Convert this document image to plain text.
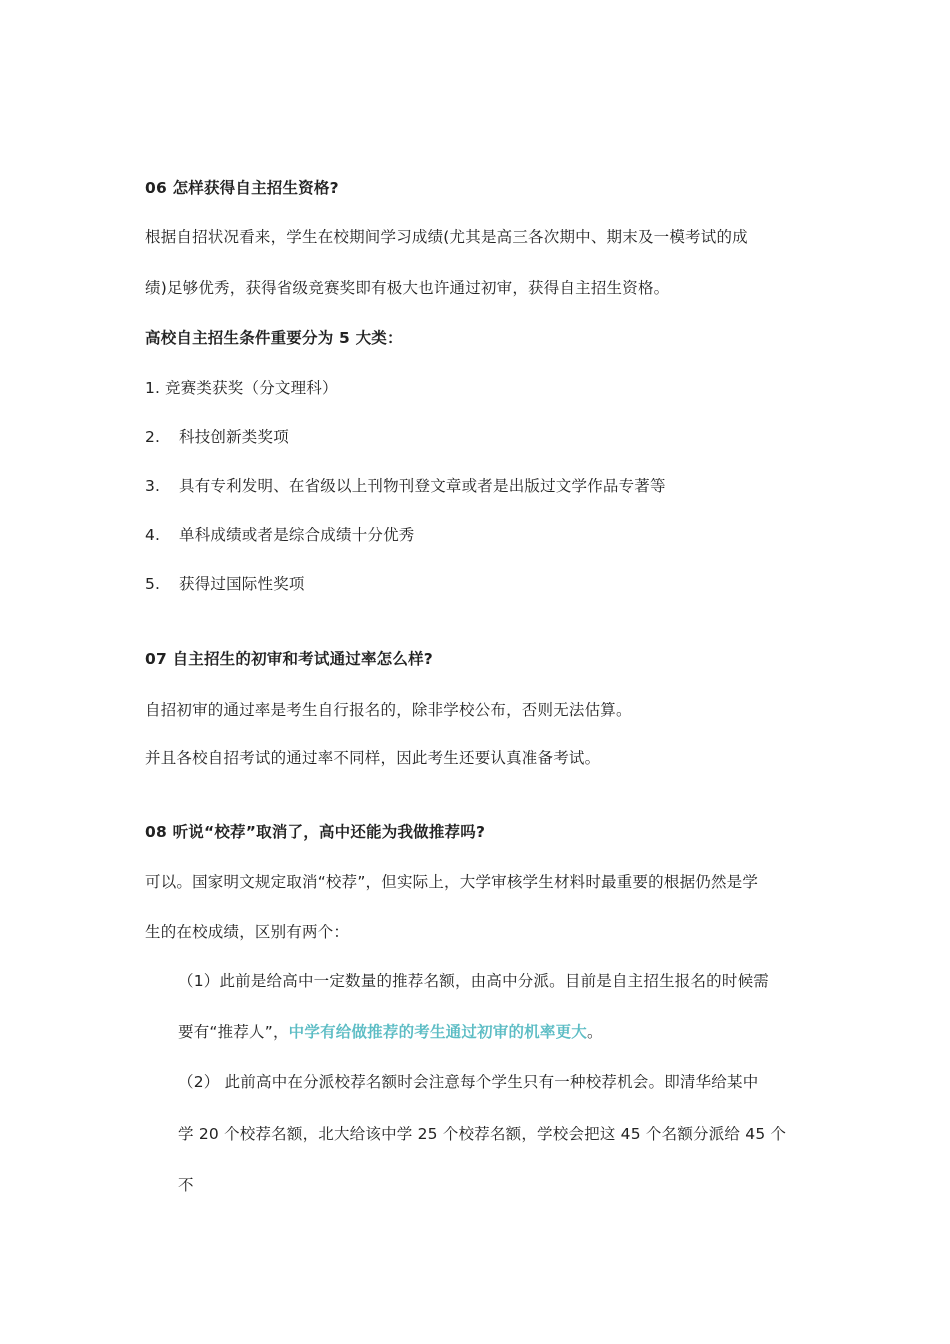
06 怎样获得自主招生资格?
根据自招状况看来，学生在校期间学习成绩(尤其是高三各次期中、期末及一模考试的成
绩)足够优秀，获得省级竞赛奖即有极大也许通过初审，获得自主招生资格。
高校自主招生条件重要分为 5 大类：
1. 竞赛类获奖（分文理科）
2. 科技创新类奖项
3. 具有专利发明、在省级以上刊物刊登文章或者是出版过文学作品专著等
4. 单科成绩或者是综合成绩十分优秀
5. 获得过国际性奖项
07 自主招生的初审和考试通过率怎么样?
自招初审的通过率是考生自行报名的，除非学校公布，否则无法估算。
并且各校自招考试的通过率不同样，因此考生还要认真准备考试。
08 听说“校荐”取消了，高中还能为我做推荐吗?
可以。国家明文规定取消“校荐”，但实际上，大学审核学生材料时最重要的根据仍然是学
生的在校成绩，区别有两个：
（1）此前是给高中一定数量的推荐名额，由高中分派。目前是自主招生报名的时候需
要有“推荐人”，中学有给做推荐的考生通过初审的机率更大。
（2） 此前高中在分派校荐名额时会注意每个学生只有一种校荐机会。即清华给某中
学 20 个校荐名额，北大给该中学 25 个校荐名额，学校会把这 45 个名额分派给 45 个
不
